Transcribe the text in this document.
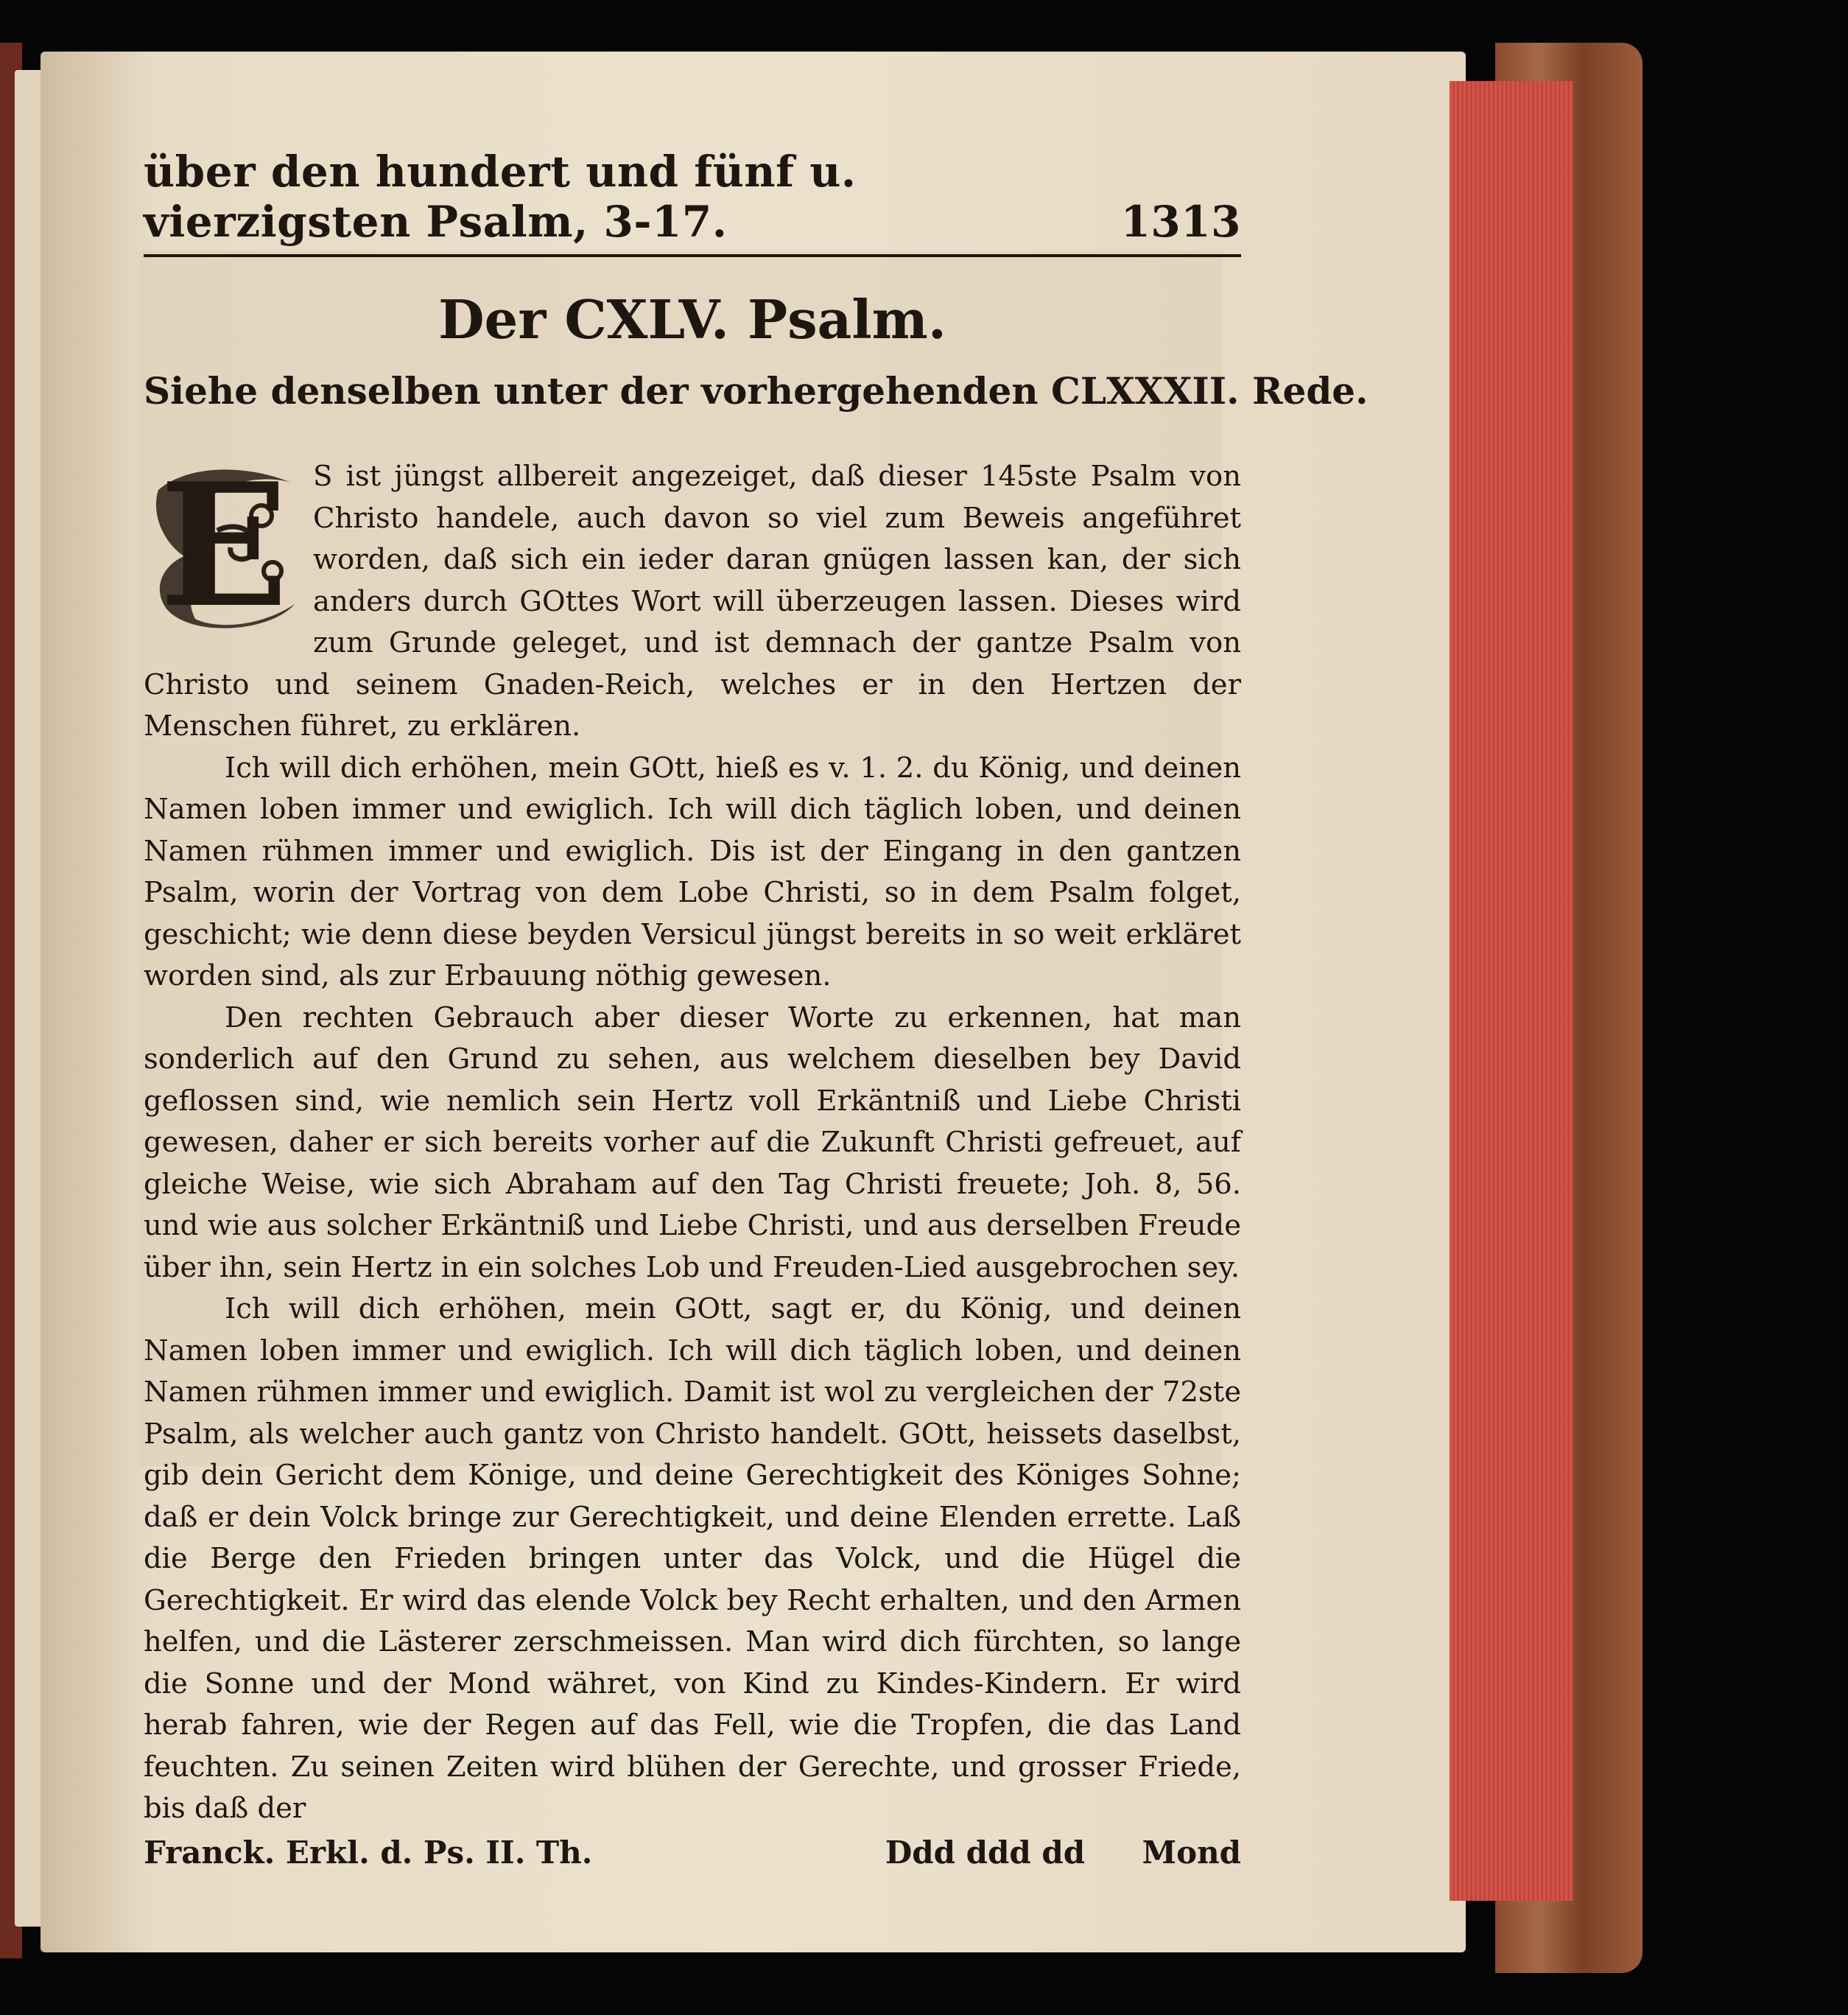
über den hundert und fünf u. vierzigsten Psalm, 3-17.	1313
Der CXLV. Psalm.
Siehe denselben unter der vorhergehenden CLXXXII. Rede.
E S ist jüngst allbereit angezeiget, daß dieser 145ste Psalm von Christo handele, auch davon so viel zum Beweis angeführet worden, daß sich ein ieder daran gnügen lassen kan, der sich anders durch GOttes Wort will überzeugen lassen. Dieses wird zum Grunde geleget, und ist demnach der gantze Psalm von Christo und seinem Gnaden-Reich, welches er in den Hertzen der Menschen führet, zu erklären.

Ich will dich erhöhen, mein GOtt, hieß es v. 1. 2. du König, und deinen Namen loben immer und ewiglich. Ich will dich täglich loben, und deinen Namen rühmen immer und ewiglich. Dis ist der Eingang in den gantzen Psalm, worin der Vortrag von dem Lobe Christi, so in dem Psalm folget, geschicht; wie denn diese beyden Versicul jüngst bereits in so weit erkläret worden sind, als zur Erbauung nöthig gewesen.

Den rechten Gebrauch aber dieser Worte zu erkennen, hat man sonderlich auf den Grund zu sehen, aus welchem dieselben bey David geflossen sind, wie nemlich sein Hertz voll Erkäntniß und Liebe Christi gewesen, daher er sich bereits vorher auf die Zukunft Christi gefreuet, auf gleiche Weise, wie sich Abraham auf den Tag Christi freuete; Joh. 8, 56. und wie aus solcher Erkäntniß und Liebe Christi, und aus derselben Freude über ihn, sein Hertz in ein solches Lob und Freuden-Lied ausgebrochen sey.

Ich will dich erhöhen, mein GOtt, sagt er, du König, und deinen Namen loben immer und ewiglich. Ich will dich täglich loben, und deinen Namen rühmen immer und ewiglich. Damit ist wol zu vergleichen der 72ste Psalm, als welcher auch gantz von Christo handelt. GOtt, heissets daselbst, gib dein Gericht dem Könige, und deine Gerechtigkeit des Königes Sohne; daß er dein Volck bringe zur Gerechtigkeit, und deine Elenden errette. Laß die Berge den Frieden bringen unter das Volck, und die Hügel die Gerechtigkeit. Er wird das elende Volck bey Recht erhalten, und den Armen helfen, und die Lästerer zerschmeissen. Man wird dich fürchten, so lange die Sonne und der Mond währet, von Kind zu Kindes-Kindern. Er wird herab fahren, wie der Regen auf das Fell, wie die Tropfen, die das Land feuchten. Zu seinen Zeiten wird blühen der Gerechte, und grosser Friede, bis daß der

Franck. Erkl. d. Ps. II. Th.	Ddd ddd dd Mond
